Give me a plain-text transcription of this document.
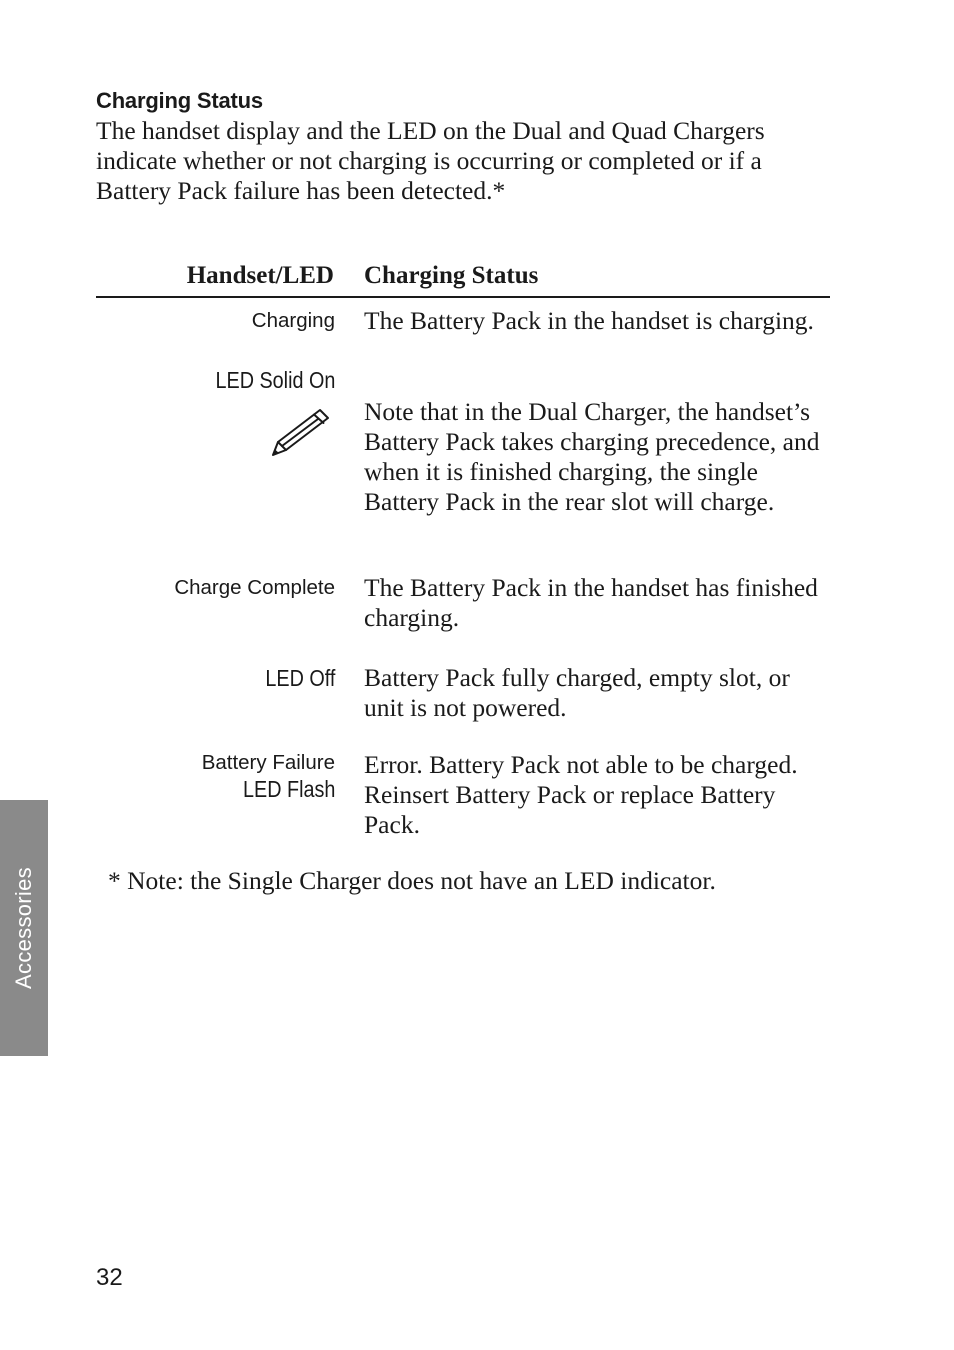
Charging Status
The handset display and the LED on the Dual and Quad Chargers indicate whether or not charging is occurring or completed or if a Battery Pack failure has been detected.*
Handset/LED Charging Status
Charging The Battery Pack in the handset is charging.
LED Solid On
Note that in the Dual Charger, the handset’s Battery Pack takes charging precedence, and when it is finished charging, the single Battery Pack in the rear slot will charge.
Charge Complete The Battery Pack in the handset has finished charging.
LED Off Battery Pack fully charged, empty slot, or unit is not powered.
Battery Failure
LED Flash
Error. Battery Pack not able to be charged. Reinsert Battery Pack or replace Battery Pack.
* Note: the Single Charger does not have an LED indicator.
Accessories
32
